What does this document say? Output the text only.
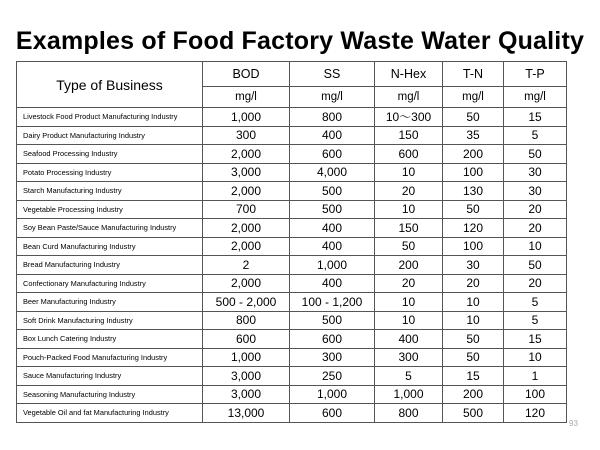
Examples of Food Factory Waste Water Quality
Type of Business	BOD	SS	N-Hex	T-N	T-P
	mg/l	mg/l	mg/l	mg/l	mg/l
Livestock Food Product Manufacturing Industry	1,000	800	10～300	50	15
Dairy Product Manufacturing Industry	300	400	150	35	5
Seafood Processing Industry	2,000	600	600	200	50
Potato Processing Industry	3,000	4,000	10	100	30
Starch Manufacturing Industry	2,000	500	20	130	30
Vegetable Processing Industry	700	500	10	50	20
Soy Bean Paste/Sauce Manufacturing Industry	2,000	400	150	120	20
Bean Curd Manufacturing Industry	2,000	400	50	100	10
Bread Manufacturing Industry	2	1,000	200	30	50
Confectionary Manufacturing Industry	2,000	400	20	20	20
Beer Manufacturing Industry	500 - 2,000	100 - 1,200	10	10	5
Soft Drink Manufacturing Industry	800	500	10	10	5
Box Lunch Catering Industry	600	600	400	50	15
Pouch-Packed Food Manufacturing Industry	1,000	300	300	50	10
Sauce Manufacturing Industry	3,000	250	5	15	1
Seasoning Manufacturing Industry	3,000	1,000	1,000	200	100
Vegetable Oil and fat Manufacturing Industry	13,000	600	800	500	120
93
